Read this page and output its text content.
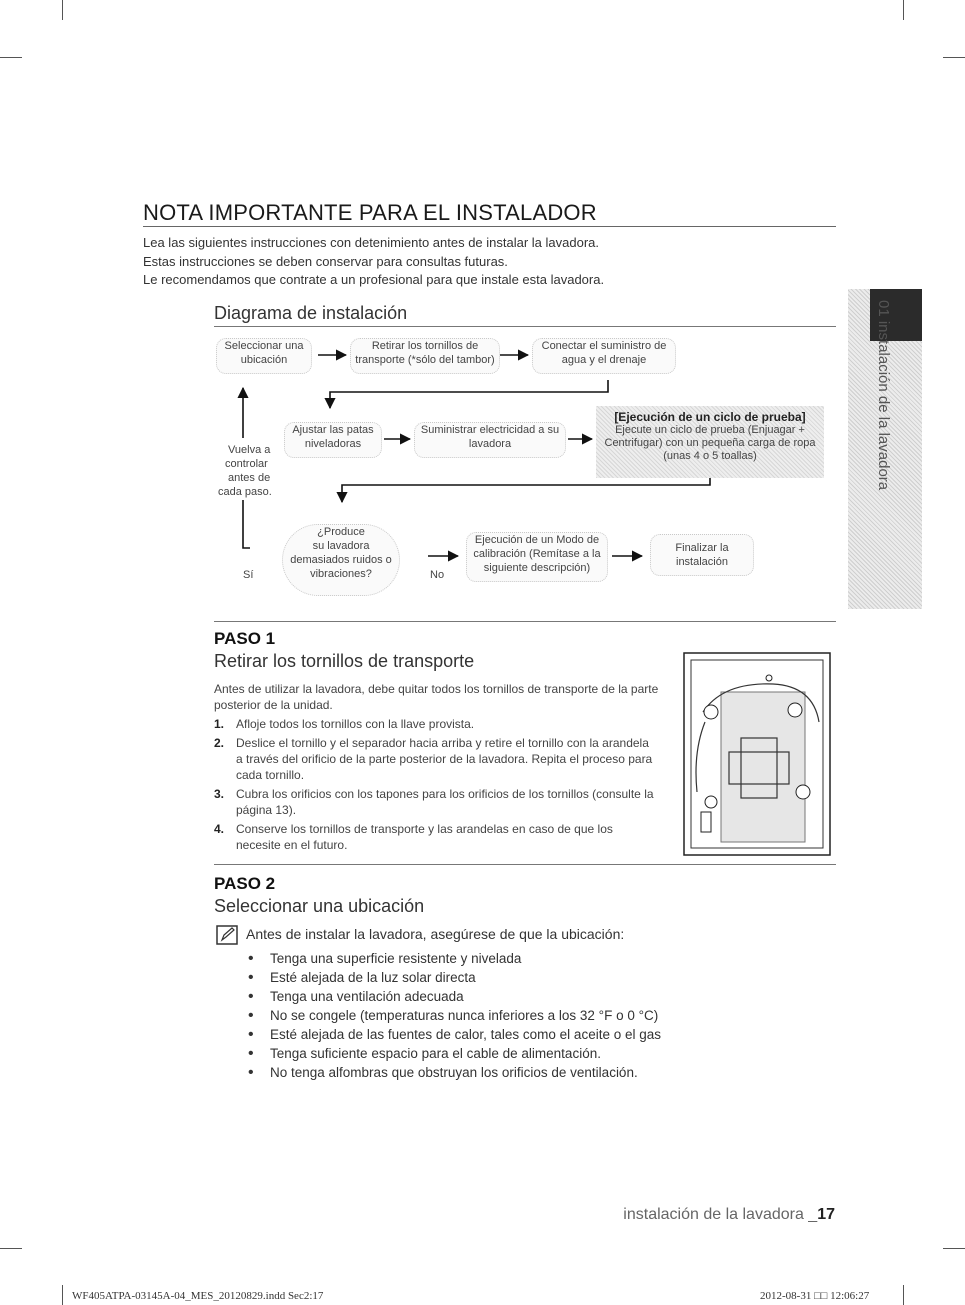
NOTA IMPORTANTE PARA EL INSTALADOR
Lea las siguientes instrucciones con detenimiento antes de instalar la lavadora.
Estas instrucciones se deben conservar para consultas futuras.
Le recomendamos que contrate a un profesional para que instale esta lavadora.
01 instalación de la lavadora
Diagrama de instalación
Seleccionar una
ubicación
Retirar los tornillos de
transporte (*sólo del tambor)
Conectar el suministro de
agua y el drenaje
Ajustar las patas
niveladoras
Suministrar electricidad a su
lavadora
[Ejecución de un ciclo de prueba]
Ejecute un ciclo de prueba (Enjuagar +
Centrifugar) con un pequeña carga de ropa
(unas 4 o 5 toallas)
¿Produce
su lavadora
demasiados ruidos o
vibraciones?
Ejecución de un Modo de
calibración (Remítase a la
siguiente descripción)
Finalizar la
instalación
Vuelva a
controlar
antes de
cada paso.
Sí	No
PASO 1
Retirar los tornillos de transporte
Antes de utilizar la lavadora, debe quitar todos los tornillos de transporte de la parte
posterior de la unidad.
1. Afloje todos los tornillos con la llave provista.
2. Deslice el tornillo y el separador hacia arriba y retire el tornillo con la arandela
a través del orificio de la parte posterior de la lavadora. Repita el proceso para
cada tornillo.
3. Cubra los orificios con los tapones para los orificios de los tornillos (consulte la
página 13).
4. Conserve los tornillos de transporte y las arandelas en caso de que los
necesite en el futuro.
PASO 2
Seleccionar una ubicación
Antes de instalar la lavadora, asegúrese de que la ubicación:
• Tenga una superficie resistente y nivelada
• Esté alejada de la luz solar directa
• Tenga una ventilación adecuada
• No se congele (temperaturas nunca inferiores a los 32 °F o 0 °C)
• Esté alejada de las fuentes de calor, tales como el aceite o el gas
• Tenga suficiente espacio para el cable de alimentación.
• No tenga alfombras que obstruyan los orificios de ventilación.
instalación de la lavadora _17
WF405ATPA-03145A-04_MES_20120829.indd Sec2:17	2012-08-31 □□ 12:06:27
